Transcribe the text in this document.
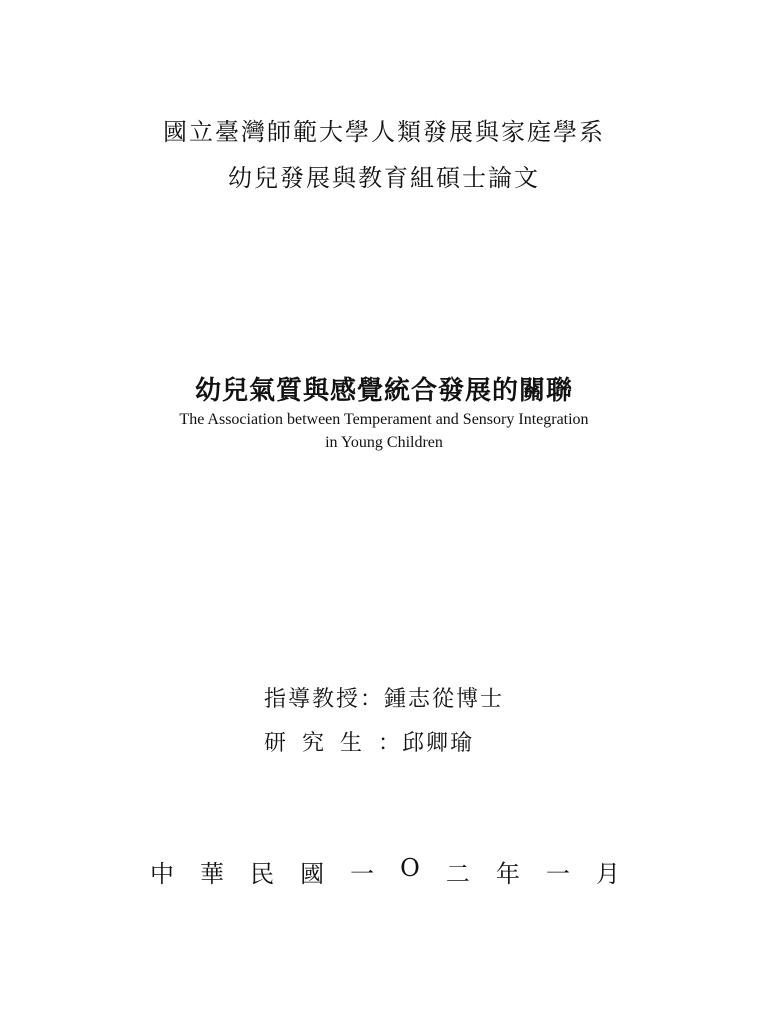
國立臺灣師範大學人類發展與家庭學系
幼兒發展與教育組碩士論文
幼兒氣質與感覺統合發展的關聯
The Association between Temperament and Sensory Integration
in Young Children
指導教授：鍾志從博士
研究生：邱卿瑜
中 華 民 國 一 Ο 二 年 一 月
